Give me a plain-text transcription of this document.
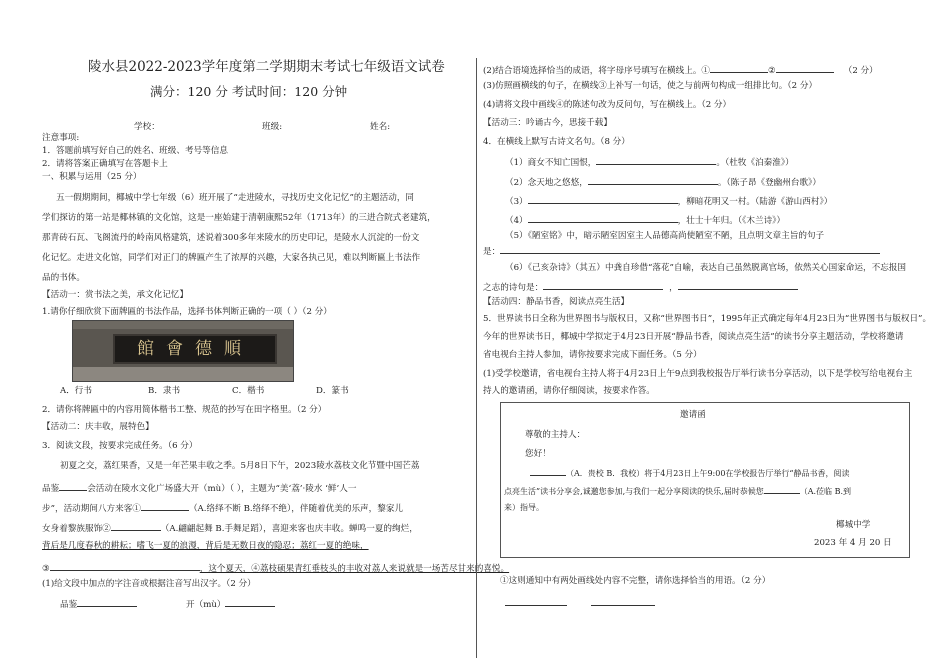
陵水县2022-2023学年度第二学期期末考试七年级语文试卷
满分：120 分 考试时间：120 分钟
学校：	班级:	姓名:
注意事项:
1．答题前填写好自己的姓名、班级、考号等信息
2．请将答案正确填写在答题卡上
一、积累与运用（25 分）
五一假期期间，椰城中学七年级（6）班开展了“走进陵水，寻找历史文化记忆”的主题活动，同
学们探访的第一站是椰林镇的文化馆，这是一座始建于清朝康熙52年（1713年）的三进合院式老建筑，
那青砖石瓦、飞阁流丹的岭南风格建筑，述说着300多年来陵水的历史印记，是陵水人沉淀的一份文
化记忆。走进文化馆，同学们对正门的牌匾产生了浓厚的兴趣，大家各执己见，难以判断匾上书法作
品的书体。
【活动一：赏书法之美，承文化记忆】
1.请你仔细欣赏下面牌匾的书法作品，选择书体判断正确的一项（ ）（2 分）
館會德順
A．行书	B．隶书	C．楷书	D．篆书
2．请你将牌匾中的内容用简体楷书工整、规范的抄写在田字格里。（2 分）
【活动二：庆丰收，展特色】
3．阅读文段，按要求完成任务。（6 分）
初夏之交，荔红果香，又是一年芒果丰收之季。5月8日下午，2023陵水荔枝文化节暨中国芒荔
品鉴	会活动在陵水文化广场盛大开（mù）（ ），主题为“美‘荔’·陵水 ‘鲜’人一
步”，活动期间八方来客①	（A.络绎不断 B.络绎不绝），伴随着优美的乐声，黎家儿
女身着黎族服饰②	（A.翩翩起舞 B.手舞足蹈），喜迎来客也庆丰收。蝉鸣一夏的绚烂，
背后是几度春秋的耕耘；嗜飞一夏的浪漫，背后是无数日夜的隐忍；荔红一夏的绝味，
③	，这个夏天，④荔枝硕果青红垂枝头的丰收对荔人来说就是一场苦尽甘来的喜悦。
(1)给文段中加点的字注音或根据注音写出汉字。（2 分）
品鉴	开（mù）
(2)结合语境选择恰当的成语，将字母序号填写在横线上。①	②	（2 分）
(3)仿照画横线的句子，在横线③上补写一句话，使之与前两句构成一组排比句。（2 分）
(4)请将文段中画线④的陈述句改为反问句，写在横线上。（2 分）
【活动三：吟诵古今，思接千载】
4．在横线上默写古诗文名句。（8 分）
（1）商女不知亡国恨，	。（杜牧《泊秦淮》）
（2）念天地之悠悠，	。（陈子昂《登幽州台歌》）
（3）	，柳暗花明又一村。（陆游《游山西村》）
（4）	，壮士十年归。（《木兰诗》）
（5）《陋室铭》中，暗示陋室因室主人品德高尚使陋室不陋，且点明文章主旨的句子
是：
（6）《己亥杂诗》（其五）中龚自珍借“落花”自喻，表达自己虽然脱离官场，依然关心国家命运，不忘报国
之志的诗句是：	，
【活动四：静品书香，阅读点亮生活】
5．世界读书日全称为世界图书与版权日，又称“世界图书日”，1995年正式确定每年4月23日为“世界图书与版权日”。
今年的世界读书日，椰城中学拟定于4月23日开展“静品书香，阅读点亮生活”的读书分享主题活动，学校将邀请
省电视台主持人参加，请你按要求完成下面任务。（5 分）
(1)受学校邀请，省电视台主持人将于4月23日上午9点到我校报告厅举行读书分享活动，以下是学校写给电视台主
持人的邀请函，请你仔细阅读，按要求作答。
邀请函
尊敬的主持人：
您好！
（A．贵校 B．我校）将于4月23日上午9:00在学校报告厅举行“静品书香，阅读
点亮生活”读书分享会,诚邀您参加,与我们一起分享阅读的快乐,届时恭候您	（A.莅临 B.到
来）指导。
椰城中学
2023 年 4 月 20 日
①这则通知中有两处画线处内容不完整，请你选择恰当的用语。（2 分）
